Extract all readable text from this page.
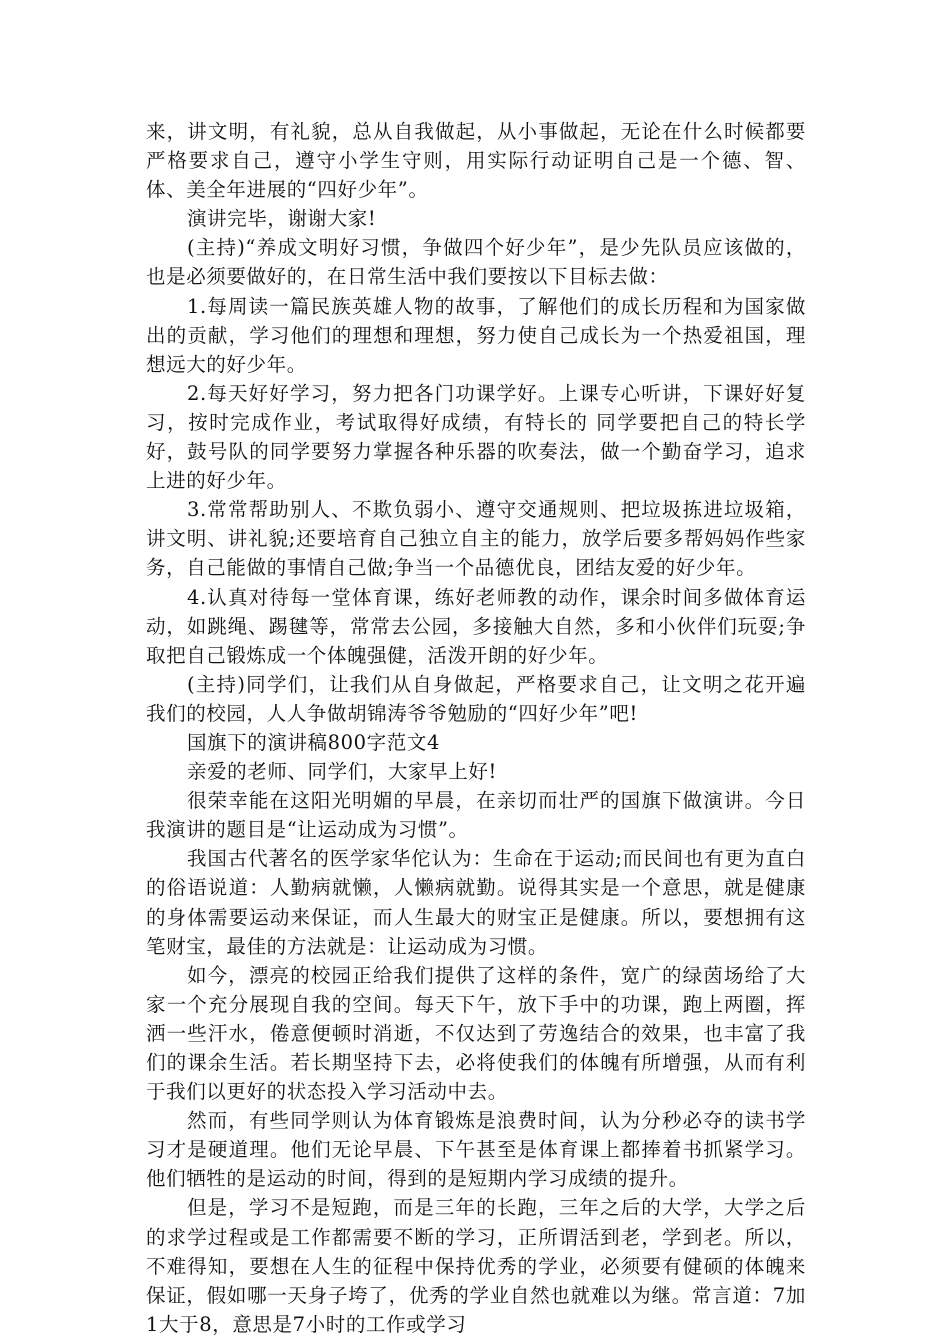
来，讲文明，有礼貌，总从自我做起，从小事做起，无论在什么时候都要严格要求自己，遵守小学生守则，用实际行动证明自己是一个德、智、体、美全年进展的“四好少年”。

演讲完毕，谢谢大家!

(主持)“养成文明好习惯，争做四个好少年”，是少先队员应该做的，也是必须要做好的，在日常生活中我们要按以下目标去做：

1.每周读一篇民族英雄人物的故事，了解他们的成长历程和为国家做出的贡献，学习他们的理想和理想，努力使自己成长为一个热爱祖国，理想远大的好少年。

2.每天好好学习，努力把各门功课学好。上课专心听讲，下课好好复习，按时完成作业，考试取得好成绩，有特长的 同学要把自己的特长学好，鼓号队的同学要努力掌握各种乐器的吹奏法，做一个勤奋学习，追求上进的好少年。

3.常常帮助别人、不欺负弱小、遵守交通规则、把垃圾拣进垃圾箱，讲文明、讲礼貌;还要培育自己独立自主的能力，放学后要多帮妈妈作些家务，自己能做的事情自己做;争当一个品德优良，团结友爱的好少年。

4.认真对待每一堂体育课，练好老师教的动作，课余时间多做体育运动，如跳绳、踢毽等，常常去公园，多接触大自然，多和小伙伴们玩耍;争取把自己锻炼成一个体魄强健，活泼开朗的好少年。

(主持)同学们，让我们从自身做起，严格要求自己，让文明之花开遍我们的校园，人人争做胡锦涛爷爷勉励的“四好少年”吧!

国旗下的演讲稿800字范文4

亲爱的老师、同学们，大家早上好!

很荣幸能在这阳光明媚的早晨，在亲切而壮严的国旗下做演讲。今日我演讲的题目是“让运动成为习惯”。

我国古代著名的医学家华佗认为：生命在于运动;而民间也有更为直白的俗语说道：人勤病就懒，人懒病就勤。说得其实是一个意思，就是健康的身体需要运动来保证，而人生最大的财宝正是健康。所以，要想拥有这笔财宝，最佳的方法就是：让运动成为习惯。

如今，漂亮的校园正给我们提供了这样的条件，宽广的绿茵场给了大家一个充分展现自我的空间。每天下午，放下手中的功课，跑上两圈，挥洒一些汗水，倦意便顿时消逝，不仅达到了劳逸结合的效果，也丰富了我们的课余生活。若长期坚持下去，必将使我们的体魄有所增强，从而有利于我们以更好的状态投入学习活动中去。

然而，有些同学则认为体育锻炼是浪费时间，认为分秒必夺的读书学习才是硬道理。他们无论早晨、下午甚至是体育课上都捧着书抓紧学习。他们牺牲的是运动的时间，得到的是短期内学习成绩的提升。

但是，学习不是短跑，而是三年的长跑，三年之后的大学，大学之后的求学过程或是工作都需要不断的学习，正所谓活到老，学到老。所以，不难得知，要想在人生的征程中保持优秀的学业，必须要有健硕的体魄来保证，假如哪一天身子垮了，优秀的学业自然也就难以为继。常言道：7加1大于8，意思是7小时的工作或学习
